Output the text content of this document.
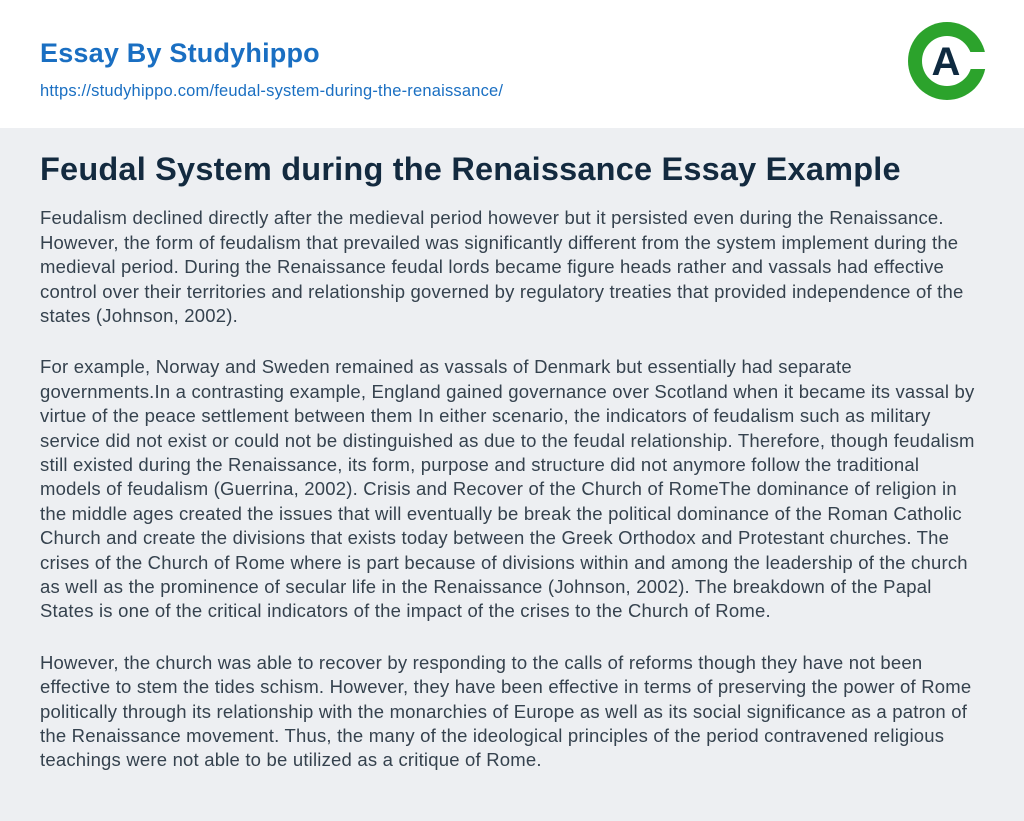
Essay By Studyhippo
https://studyhippo.com/feudal-system-during-the-renaissance/
A
Feudal System during the Renaissance Essay Example

Feudalism declined directly after the medieval period however but it persisted even during the Renaissance. However, the form of feudalism that prevailed was significantly different from the system implement during the medieval period. During the Renaissance feudal lords became figure heads rather and vassals had effective control over their territories and relationship governed by regulatory treaties that provided independence of the states (Johnson, 2002).

For example, Norway and Sweden remained as vassals of Denmark but essentially had separate governments.In a contrasting example, England gained governance over Scotland when it became its vassal by virtue of the peace settlement between them In either scenario, the indicators of feudalism such as military service did not exist or could not be distinguished as due to the feudal relationship. Therefore, though feudalism still existed during the Renaissance, its form, purpose and structure did not anymore follow the traditional models of feudalism (Guerrina, 2002). Crisis and Recover of the Church of RomeThe dominance of religion in the middle ages created the issues that will eventually be break the political dominance of the Roman Catholic Church and create the divisions that exists today between the Greek Orthodox and Protestant churches. The crises of the Church of Rome where is part because of divisions within and among the leadership of the church as well as the prominence of secular life in the Renaissance (Johnson, 2002). The breakdown of the Papal States is one of the critical indicators of the impact of the crises to the Church of Rome.

However, the church was able to recover by responding to the calls of reforms though they have not been effective to stem the tides schism. However, they have been effective in terms of preserving the power of Rome politically through its relationship with the monarchies of Europe as well as its social significance as a patron of the Renaissance movement. Thus, the many of the ideological principles of the period contravened religious teachings were not able to be utilized as a critique of Rome.
